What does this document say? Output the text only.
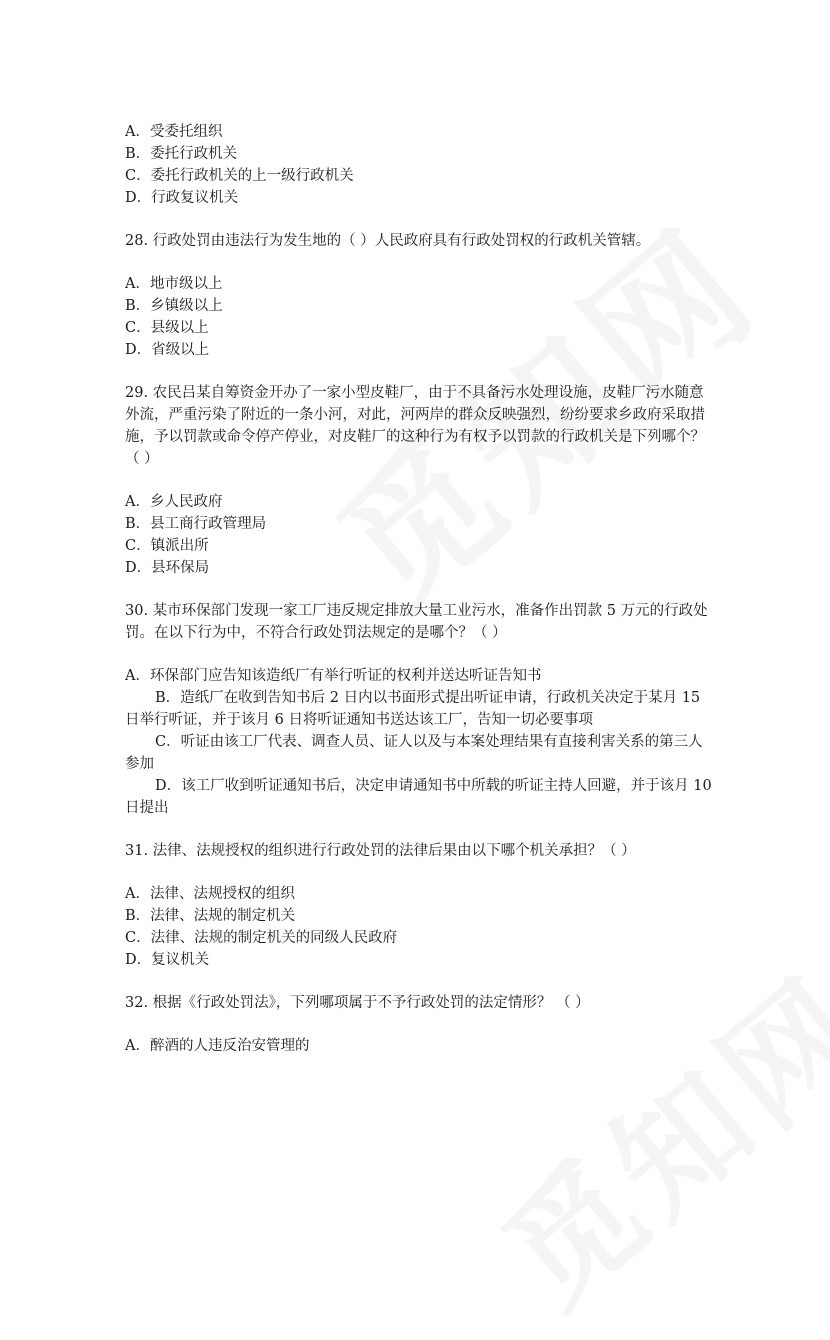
A．受委托组织
B．委托行政机关
C．委托行政机关的上一级行政机关
D．行政复议机关
28. 行政处罚由违法行为发生地的（ ）人民政府具有行政处罚权的行政机关管辖。
A．地市级以上
B．乡镇级以上
C．县级以上
D．省级以上
29. 农民吕某自筹资金开办了一家小型皮鞋厂，由于不具备污水处理设施，皮鞋厂污水随意
外流，严重污染了附近的一条小河，对此，河两岸的群众反映强烈，纷纷要求乡政府采取措
施，予以罚款或命令停产停业，对皮鞋厂的这种行为有权予以罚款的行政机关是下列哪个？
（ ）
A．乡人民政府
B．县工商行政管理局
C．镇派出所
D．县环保局
30. 某市环保部门发现一家工厂违反规定排放大量工业污水，准备作出罚款 5 万元的行政处
罚。在以下行为中，不符合行政处罚法规定的是哪个？（ ）
A．环保部门应告知该造纸厂有举行听证的权利并送达听证告知书
B．造纸厂在收到告知书后 2 日内以书面形式提出听证申请，行政机关决定于某月 15
日举行听证，并于该月 6 日将听证通知书送达该工厂，告知一切必要事项
C．听证由该工厂代表、调查人员、证人以及与本案处理结果有直接利害关系的第三人
参加
D．该工厂收到听证通知书后，决定申请通知书中所载的听证主持人回避，并于该月 10
日提出
31. 法律、法规授权的组织进行行政处罚的法律后果由以下哪个机关承担？（ ）
A．法律、法规授权的组织
B．法律、法规的制定机关
C．法律、法规的制定机关的同级人民政府
D．复议机关
32. 根据《行政处罚法》，下列哪项属于不予行政处罚的法定情形？ （ ）
A．醉酒的人违反治安管理的
